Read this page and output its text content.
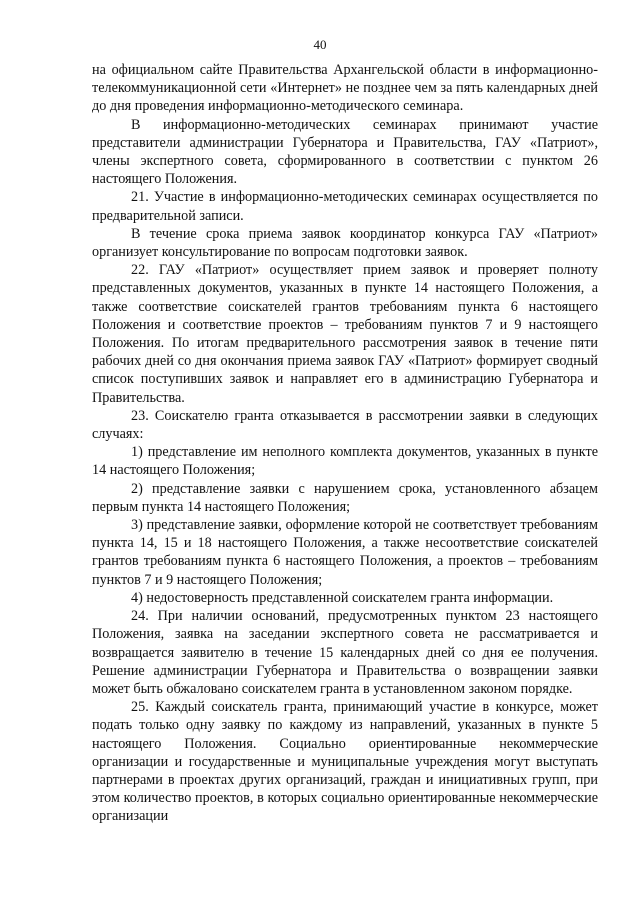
40

на официальном сайте Правительства Архангельской области в информационно-телекоммуникационной сети «Интернет» не позднее чем за пять календарных дней до дня проведения информационно-методического семинара.

В информационно-методических семинарах принимают участие представители администрации Губернатора и Правительства, ГАУ «Патриот», члены экспертного совета, сформированного в соответствии с пунктом 26 настоящего Положения.

21. Участие в информационно-методических семинарах осуществляется по предварительной записи.

В течение срока приема заявок координатор конкурса ГАУ «Патриот» организует консультирование по вопросам подготовки заявок.

22. ГАУ «Патриот» осуществляет прием заявок и проверяет полноту представленных документов, указанных в пункте 14 настоящего Положения, а также соответствие соискателей грантов требованиям пункта 6 настоящего Положения и соответствие проектов – требованиям пунктов 7 и 9 настоящего Положения. По итогам предварительного рассмотрения заявок в течение пяти рабочих дней со дня окончания приема заявок ГАУ «Патриот» формирует сводный список поступивших заявок и направляет его в администрацию Губернатора и Правительства.

23. Соискателю гранта отказывается в рассмотрении заявки в следующих случаях:

1) представление им неполного комплекта документов, указанных в пункте 14 настоящего Положения;

2) представление заявки с нарушением срока, установленного абзацем первым пункта 14 настоящего Положения;

3) представление заявки, оформление которой не соответствует требованиям пункта 14, 15 и 18 настоящего Положения, а также несоответствие соискателей грантов требованиям пункта 6 настоящего Положения, а проектов – требованиям пунктов 7 и 9 настоящего Положения;

4) недостоверность представленной соискателем гранта информации.

24. При наличии оснований, предусмотренных пунктом 23 настоящего Положения, заявка на заседании экспертного совета не рассматривается и возвращается заявителю в течение 15 календарных дней со дня ее получения. Решение администрации Губернатора и Правительства о возвращении заявки может быть обжаловано соискателем гранта в установленном законом порядке.

25. Каждый соискатель гранта, принимающий участие в конкурсе, может подать только одну заявку по каждому из направлений, указанных в пункте 5 настоящего Положения. Социально ориентированные некоммерческие организации и государственные и муниципальные учреждения могут выступать партнерами в проектах других организаций, граждан и инициативных групп, при этом количество проектов, в которых социально ориентированные некоммерческие организации
